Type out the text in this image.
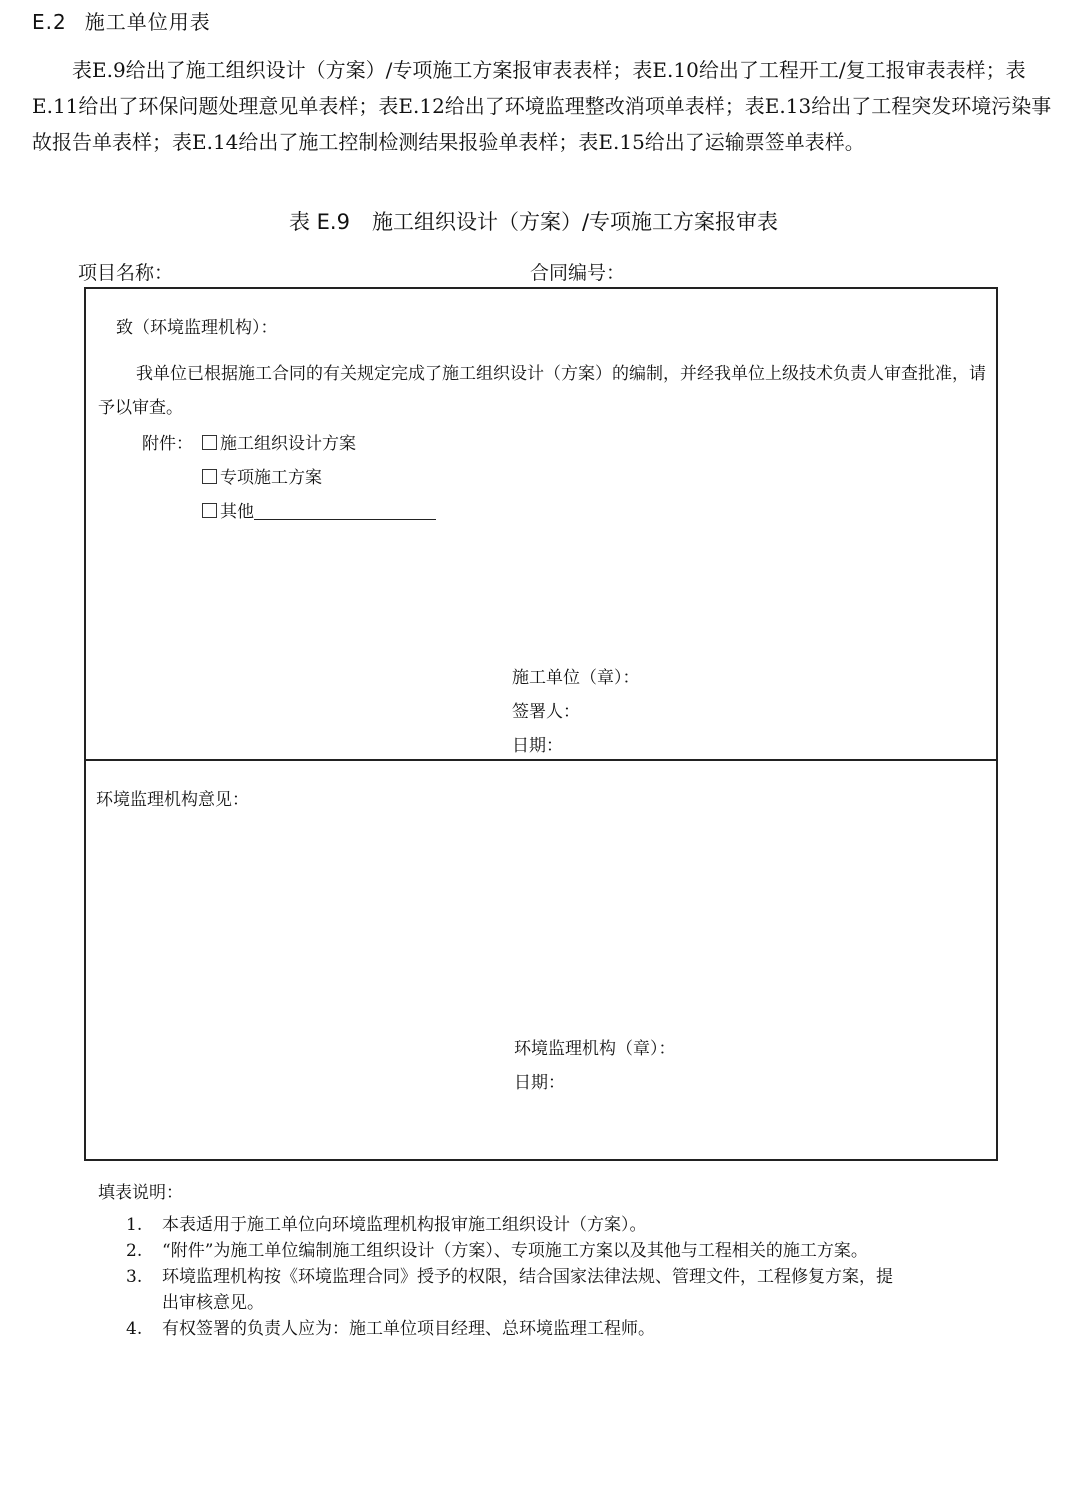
E.2 施工单位用表

表E.9给出了施工组织设计（方案）/专项施工方案报审表表样；表E.10给出了工程开工/复工报审表表样；表E.11给出了环保问题处理意见单表样；表E.12给出了环境监理整改消项单表样；表E.13给出了工程突发环境污染事故报告单表样；表E.14给出了施工控制检测结果报验单表样；表E.15给出了运输票签单表样。

表 E.9 施工组织设计（方案）/专项施工方案报审表
项目名称：	合同编号：
致（环境监理机构）：

我单位已根据施工合同的有关规定完成了施工组织设计（方案）的编制，并经我单位上级技术负责人审查批准，请予以审查。

附件：	施工组织设计方案
专项施工方案
其他
施工单位（章）：
签署人：
日期：
环境监理机构意见：
环境监理机构（章）：
日期：
填表说明：
1. 本表适用于施工单位向环境监理机构报审施工组织设计（方案）。
2. “附件”为施工单位编制施工组织设计（方案）、专项施工方案以及其他与工程相关的施工方案。
3. 环境监理机构按《环境监理合同》授予的权限，结合国家法律法规、管理文件，工程修复方案，提
出审核意见。
4. 有权签署的负责人应为：施工单位项目经理、总环境监理工程师。
